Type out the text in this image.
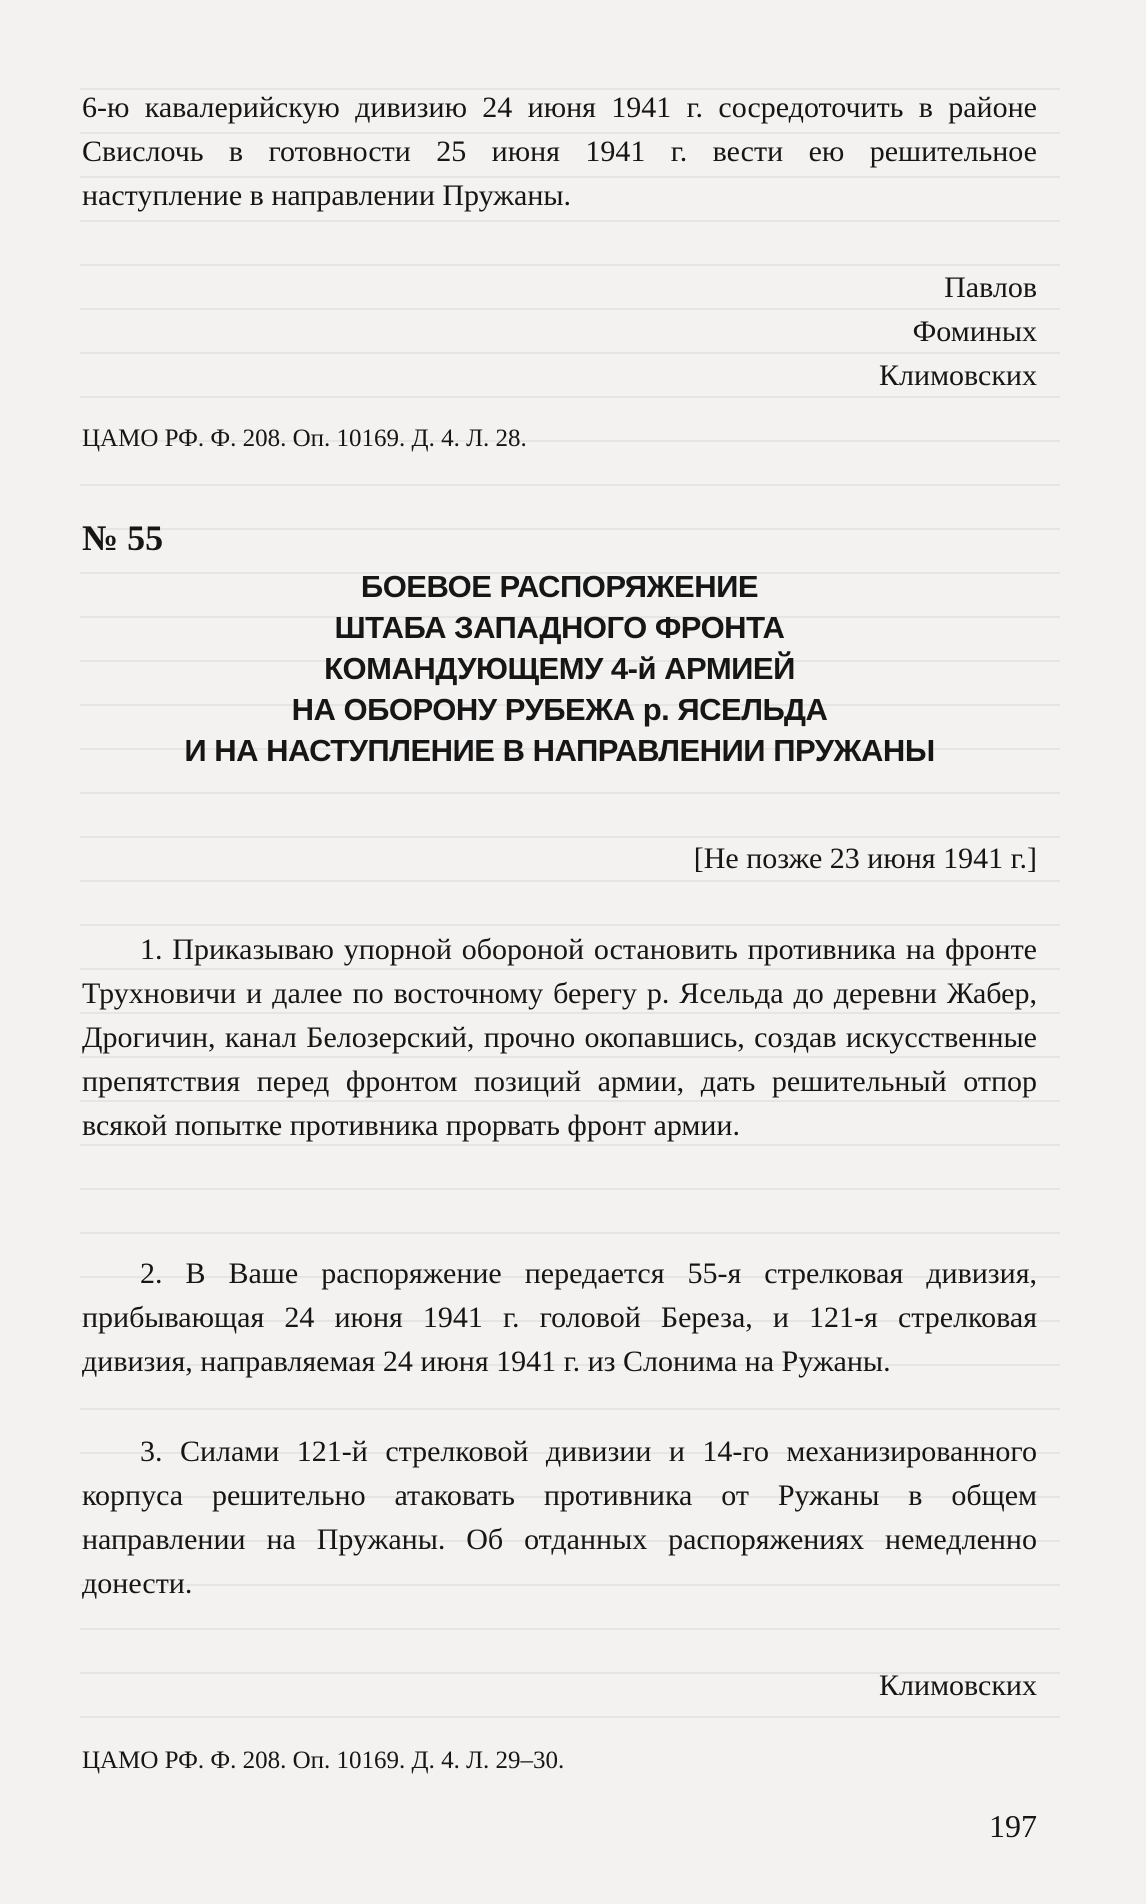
6-ю кавалерийскую дивизию 24 июня 1941 г. сосредоточить в районе Свислочь в готовности 25 июня 1941 г. вести ею решительное наступление в направлении Пружаны.

Павлов

Фоминых

Климовских

ЦАМО РФ. Ф. 208. Оп. 10169. Д. 4. Л. 28.

№ 55

БОЕВОЕ РАСПОРЯЖЕНИЕ
ШТАБА ЗАПАДНОГО ФРОНТА
КОМАНДУЮЩЕМУ 4-й АРМИЕЙ
НА ОБОРОНУ РУБЕЖА р. ЯСЕЛЬДА
И НА НАСТУПЛЕНИЕ В НАПРАВЛЕНИИ ПРУЖАНЫ

[Не позже 23 июня 1941 г.]

1. Приказываю упорной обороной остановить противника на фронте Трухновичи и далее по восточному берегу р. Ясельда до деревни Жабер, Дрогичин, канал Белозерский, прочно окопавшись, создав искусственные препятствия перед фронтом позиций армии, дать решительный отпор всякой попытке противника прорвать фронт армии.

2. В Ваше распоряжение передается 55-я стрелковая дивизия, прибывающая 24 июня 1941 г. головой Береза, и 121-я стрелковая дивизия, направляемая 24 июня 1941 г. из Слонима на Ружаны.

3. Силами 121-й стрелковой дивизии и 14-го механизированного корпуса решительно атаковать противника от Ружаны в общем направлении на Пружаны. Об отданных распоряжениях немедленно донести.

Климовских

ЦАМО РФ. Ф. 208. Оп. 10169. Д. 4. Л. 29–30.

197
